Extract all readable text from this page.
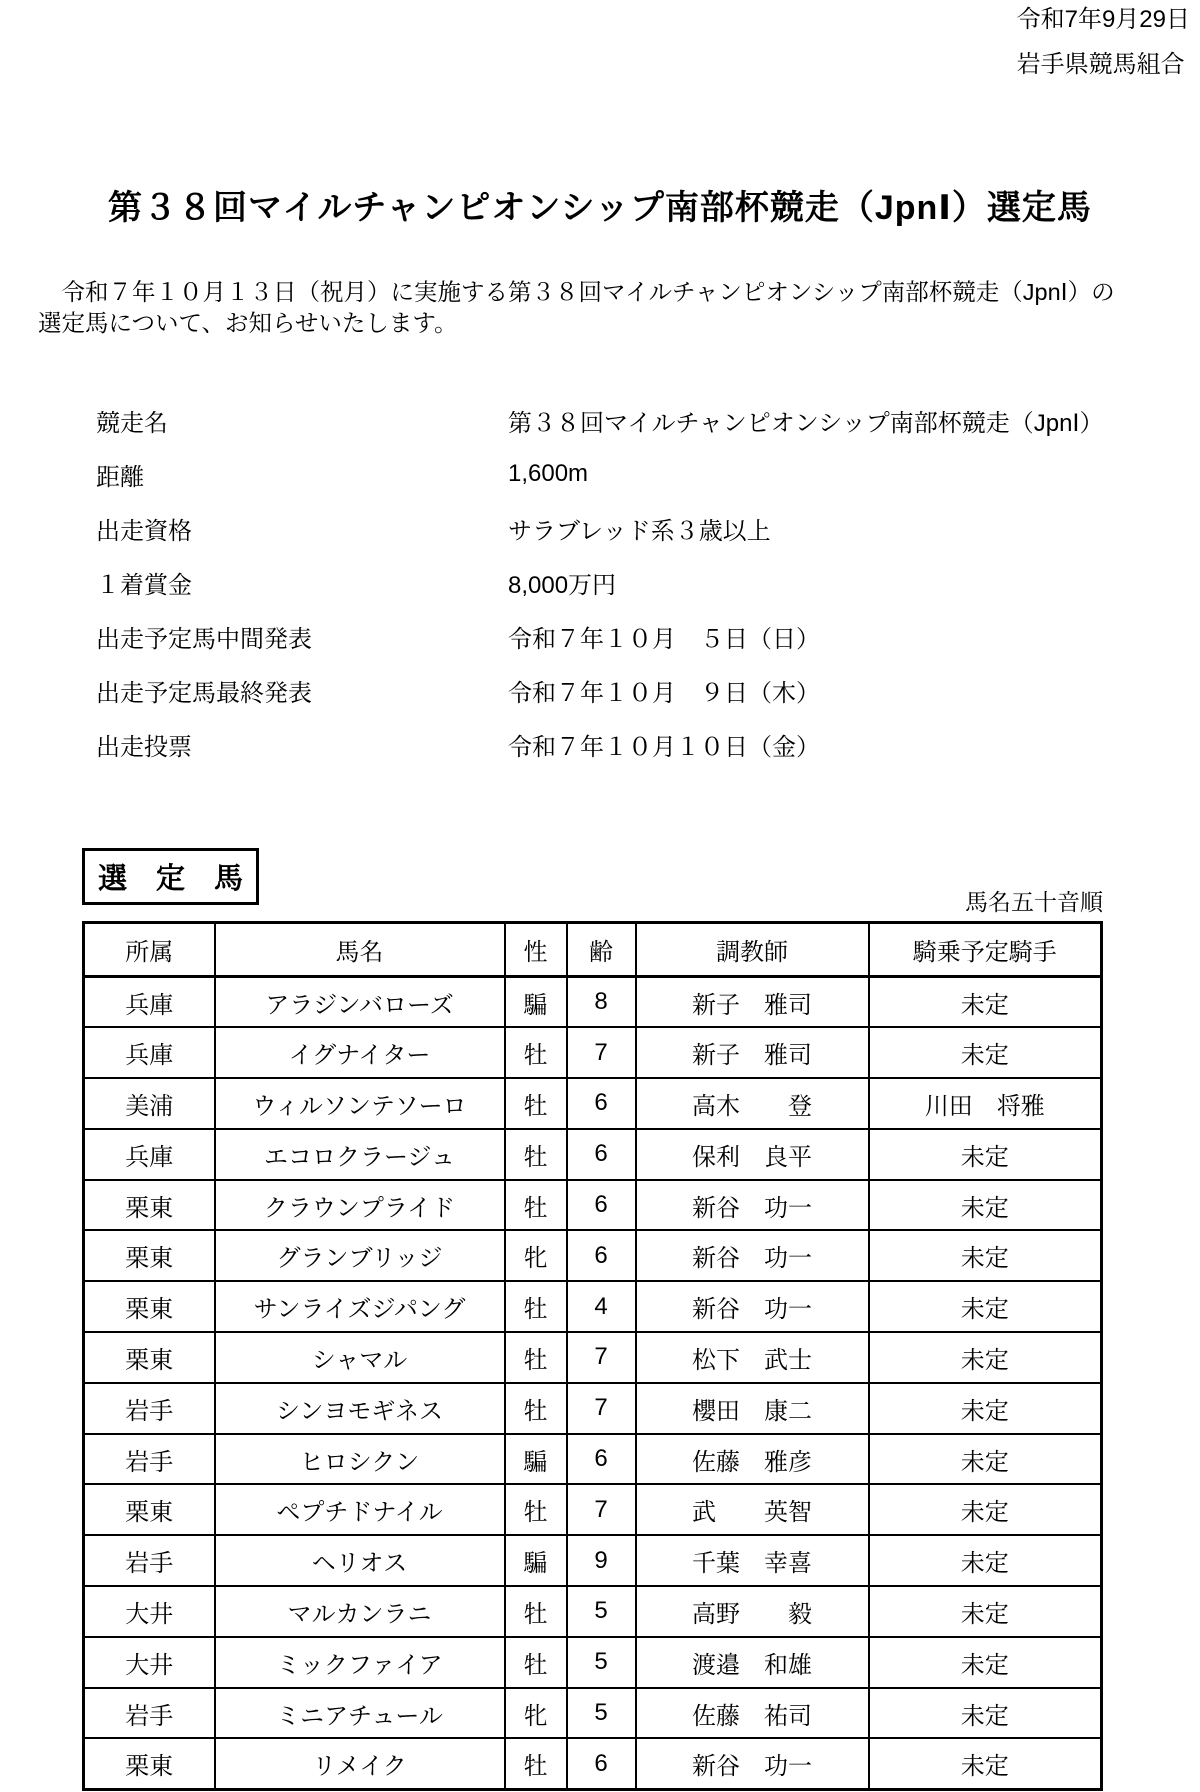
令和7年9月29日
岩手県競馬組合
第３８回マイルチャンピオンシップ南部杯競走（JpnⅠ）選定馬
　令和７年１０月１３日（祝月）に実施する第３８回マイルチャンピオンシップ南部杯競走（JpnⅠ）の
選定馬について、お知らせいたします。
競走名	第３８回マイルチャンピオンシップ南部杯競走（JpnⅠ）
距離	1,600m
出走資格	サラブレッド系３歳以上
１着賞金	8,000万円
出走予定馬中間発表	令和７年１０月　５日（日）
出走予定馬最終発表	令和７年１０月　９日（木）
出走投票	令和７年１０月１０日（金）
選　定　馬
馬名五十音順
所属	馬名	性	齢	調教師	騎乗予定騎手
兵庫	アラジンバローズ	騙	8	新子　雅司	未定
兵庫	イグナイター	牡	7	新子　雅司	未定
美浦	ウィルソンテソーロ	牡	6	高木　　登	川田　将雅
兵庫	エコロクラージュ	牡	6	保利　良平	未定
栗東	クラウンプライド	牡	6	新谷　功一	未定
栗東	グランブリッジ	牝	6	新谷　功一	未定
栗東	サンライズジパング	牡	4	新谷　功一	未定
栗東	シャマル	牡	7	松下　武士	未定
岩手	シンヨモギネス	牡	7	櫻田　康二	未定
岩手	ヒロシクン	騙	6	佐藤　雅彦	未定
栗東	ペプチドナイル	牡	7	武　　英智	未定
岩手	ヘリオス	騙	9	千葉　幸喜	未定
大井	マルカンラニ	牡	5	高野　　毅	未定
大井	ミックファイア	牡	5	渡邉　和雄	未定
岩手	ミニアチュール	牝	5	佐藤　祐司	未定
栗東	リメイク	牡	6	新谷　功一	未定
